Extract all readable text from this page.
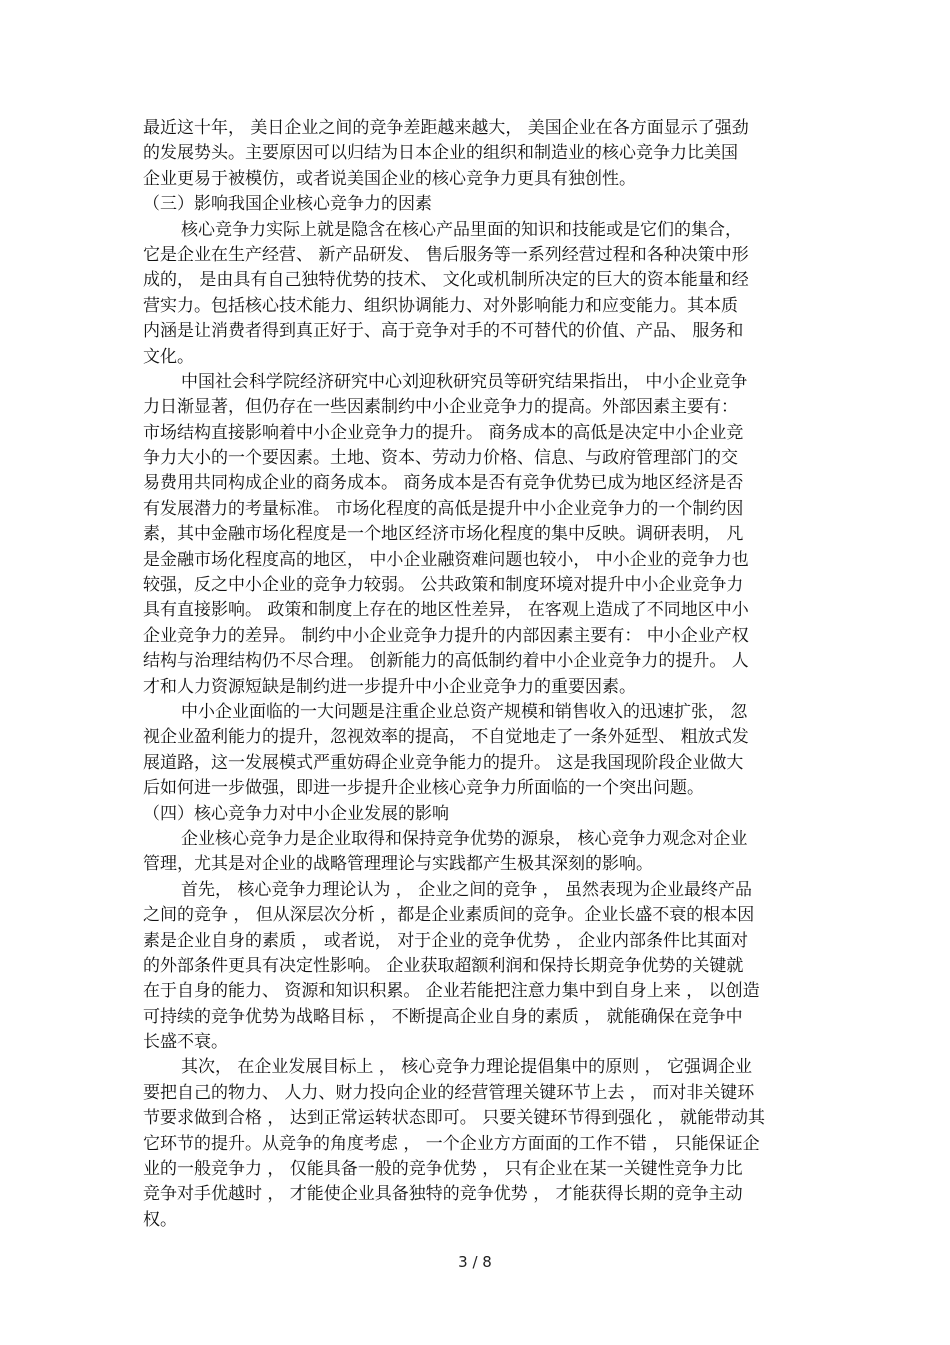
最近这十年， 美日企业之间的竞争差距越来越大， 美国企业在各方面显示了强劲
的发展势头。主要原因可以归结为日本企业的组织和制造业的核心竞争力比美国
企业更易于被模仿，或者说美国企业的核心竞争力更具有独创性。
（三）影响我国企业核心竞争力的因素
核心竞争力实际上就是隐含在核心产品里面的知识和技能或是它们的集合，
它是企业在生产经营、 新产品研发、 售后服务等一系列经营过程和各种决策中形
成的， 是由具有自己独特优势的技术、 文化或机制所决定的巨大的资本能量和经
营实力。包括核心技术能力、组织协调能力、对外影响能力和应变能力。其本质
内涵是让消费者得到真正好于、高于竞争对手的不可替代的价值、产品、 服务和
文化。
中国社会科学院经济研究中心刘迎秋研究员等研究结果指出， 中小企业竞争
力日渐显著，但仍存在一些因素制约中小企业竞争力的提高。外部因素主要有：
市场结构直接影响着中小企业竞争力的提升。 商务成本的高低是决定中小企业竞
争力大小的一个要因素。土地、资本、劳动力价格、信息、与政府管理部门的交
易费用共同构成企业的商务成本。 商务成本是否有竞争优势已成为地区经济是否
有发展潜力的考量标准。 市场化程度的高低是提升中小企业竞争力的一个制约因
素，其中金融市场化程度是一个地区经济市场化程度的集中反映。调研表明， 凡
是金融市场化程度高的地区， 中小企业融资难问题也较小， 中小企业的竞争力也
较强，反之中小企业的竞争力较弱。 公共政策和制度环境对提升中小企业竞争力
具有直接影响。 政策和制度上存在的地区性差异， 在客观上造成了不同地区中小
企业竞争力的差异。 制约中小企业竞争力提升的内部因素主要有： 中小企业产权
结构与治理结构仍不尽合理。 创新能力的高低制约着中小企业竞争力的提升。 人
才和人力资源短缺是制约进一步提升中小企业竞争力的重要因素。
中小企业面临的一大问题是注重企业总资产规模和销售收入的迅速扩张， 忽
视企业盈利能力的提升，忽视效率的提高， 不自觉地走了一条外延型、 粗放式发
展道路，这一发展模式严重妨碍企业竞争能力的提升。 这是我国现阶段企业做大
后如何进一步做强，即进一步提升企业核心竞争力所面临的一个突出问题。
（四）核心竞争力对中小企业发展的影响
企业核心竞争力是企业取得和保持竞争优势的源泉， 核心竞争力观念对企业
管理，尤其是对企业的战略管理理论与实践都产生极其深刻的影响。
首先， 核心竞争力理论认为 ， 企业之间的竞争 ， 虽然表现为企业最终产品
之间的竞争 ， 但从深层次分析 ，都是企业素质间的竞争。企业长盛不衰的根本因
素是企业自身的素质 ， 或者说， 对于企业的竞争优势 ， 企业内部条件比其面对
的外部条件更具有决定性影响。 企业获取超额利润和保持长期竞争优势的关键就
在于自身的能力、 资源和知识积累。 企业若能把注意力集中到自身上来 ， 以创造
可持续的竞争优势为战略目标 ， 不断提高企业自身的素质 ， 就能确保在竞争中
长盛不衰。
其次， 在企业发展目标上 ， 核心竞争力理论提倡集中的原则 ， 它强调企业
要把自己的物力、 人力、财力投向企业的经营管理关键环节上去 ， 而对非关键环
节要求做到合格 ， 达到正常运转状态即可。 只要关键环节得到强化 ， 就能带动其
它环节的提升。从竞争的角度考虑 ， 一个企业方方面面的工作不错 ， 只能保证企
业的一般竞争力 ， 仅能具备一般的竞争优势 ， 只有企业在某一关键性竞争力比
竞争对手优越时 ， 才能使企业具备独特的竞争优势 ， 才能获得长期的竞争主动
权。
3 / 8
